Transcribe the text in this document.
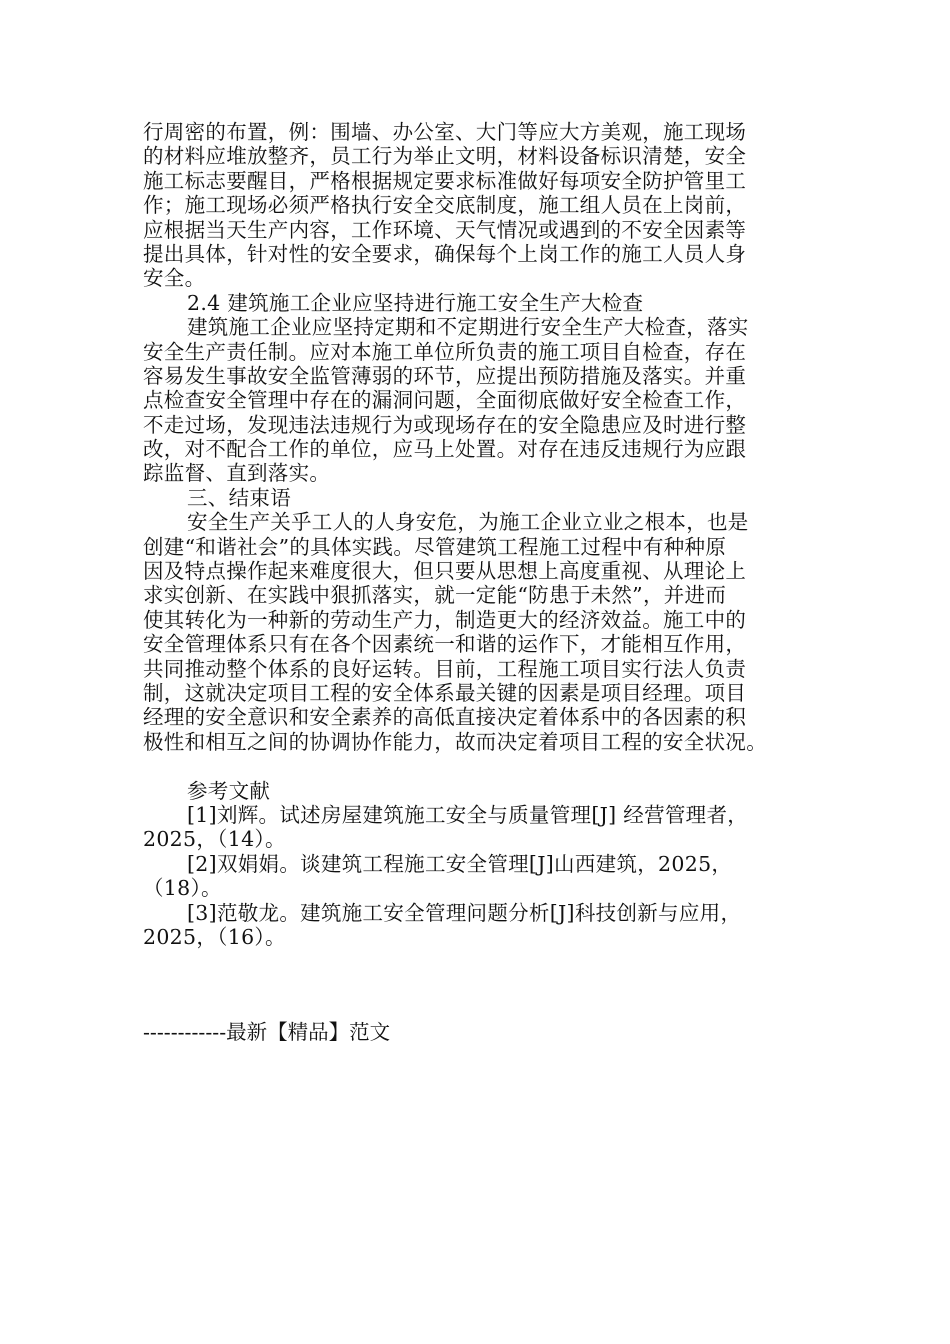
行周密的布置，例：围墙、办公室、大门等应大方美观，施工现场
的材料应堆放整齐，员工行为举止文明，材料设备标识清楚，安全
施工标志要醒目，严格根据规定要求标准做好每项安全防护管里工
作；施工现场必须严格执行安全交底制度，施工组人员在上岗前，
应根据当天生产内容，工作环境、天气情况或遇到的不安全因素等
提出具体，针对性的安全要求，确保每个上岗工作的施工人员人身
安全。
2.4 建筑施工企业应坚持进行施工安全生产大检查
建筑施工企业应坚持定期和不定期进行安全生产大检查，落实
安全生产责任制。应对本施工单位所负责的施工项目自检查，存在
容易发生事故安全监管薄弱的环节，应提出预防措施及落实。并重
点检查安全管理中存在的漏洞问题，全面彻底做好安全检查工作，
不走过场，发现违法违规行为或现场存在的安全隐患应及时进行整
改，对不配合工作的单位，应马上处置。对存在违反违规行为应跟
踪监督、直到落实。
三、结束语
安全生产关乎工人的人身安危，为施工企业立业之根本，也是
创建“和谐社会”的具体实践。尽管建筑工程施工过程中有种种原
因及特点操作起来难度很大，但只要从思想上高度重视、从理论上
求实创新、在实践中狠抓落实，就一定能“防患于未然”，并进而
使其转化为一种新的劳动生产力，制造更大的经济效益。施工中的
安全管理体系只有在各个因素统一和谐的运作下，才能相互作用，
共同推动整个体系的良好运转。目前，工程施工项目实行法人负责
制，这就决定项目工程的安全体系最关键的因素是项目经理。项目
经理的安全意识和安全素养的高低直接决定着体系中的各因素的积
极性和相互之间的协调协作能力，故而决定着项目工程的安全状况。
参考文献
[1]刘辉。试述房屋建筑施工安全与质量管理[J] 经营管理者，
2025，（14）。
[2]双娟娟。谈建筑工程施工安全管理[J]山西建筑，2025，
（18）。
[3]范敬龙。建筑施工安全管理问题分析[J]科技创新与应用，
2025，（16）。
------------最新【精品】范文
